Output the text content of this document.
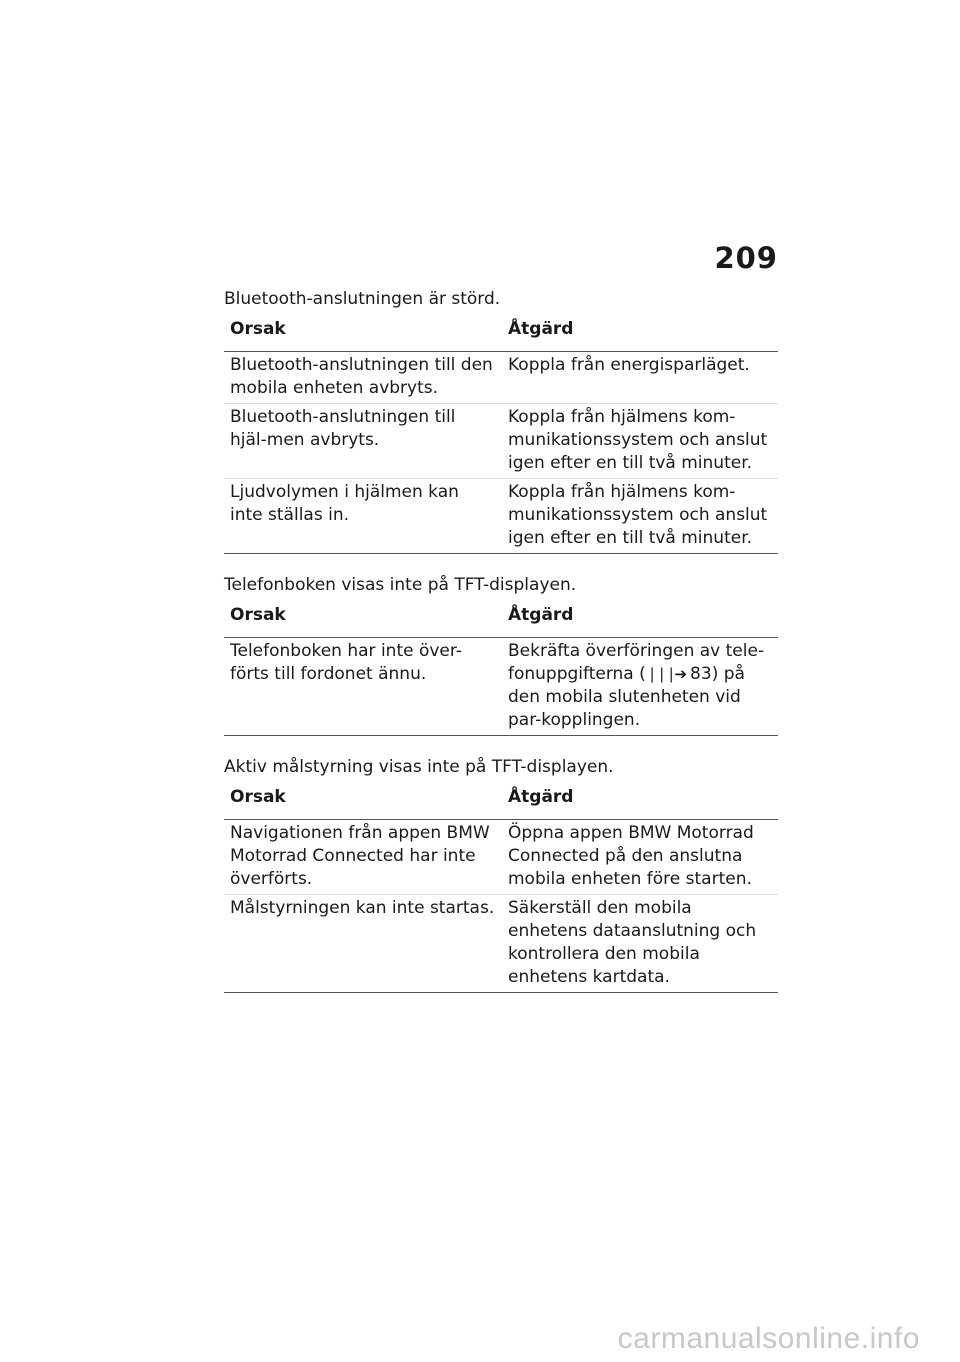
209
Bluetooth-anslutningen är störd.
Orsak	Åtgärd
Bluetooth-anslutningen till den mobila enheten avbryts.	Koppla från energisparläget.
Bluetooth-anslutningen till hjäl-men avbryts.	Koppla från hjälmens kom-munikationssystem och anslut igen efter en till två minuter.
Ljudvolymen i hjälmen kan inte ställas in.	Koppla från hjälmens kom-munikationssystem och anslut igen efter en till två minuter.
Telefonboken visas inte på TFT-displayen.
Orsak	Åtgärd
Telefonboken har inte över-förts till fordonet ännu.	Bekräfta överföringen av tele-fonuppgifterna (❘❘❘➔ 83) på den mobila slutenheten vid par-kopplingen.
Aktiv målstyrning visas inte på TFT-displayen.
Orsak	Åtgärd
Navigationen från appen BMW Motorrad Connected har inte överförts.	Öppna appen BMW Motorrad Connected på den anslutna mobila enheten före starten.
Målstyrningen kan inte startas.	Säkerställ den mobila enhetens dataanslutning och kontrollera den mobila enhetens kartdata.
carmanualsonline.info
